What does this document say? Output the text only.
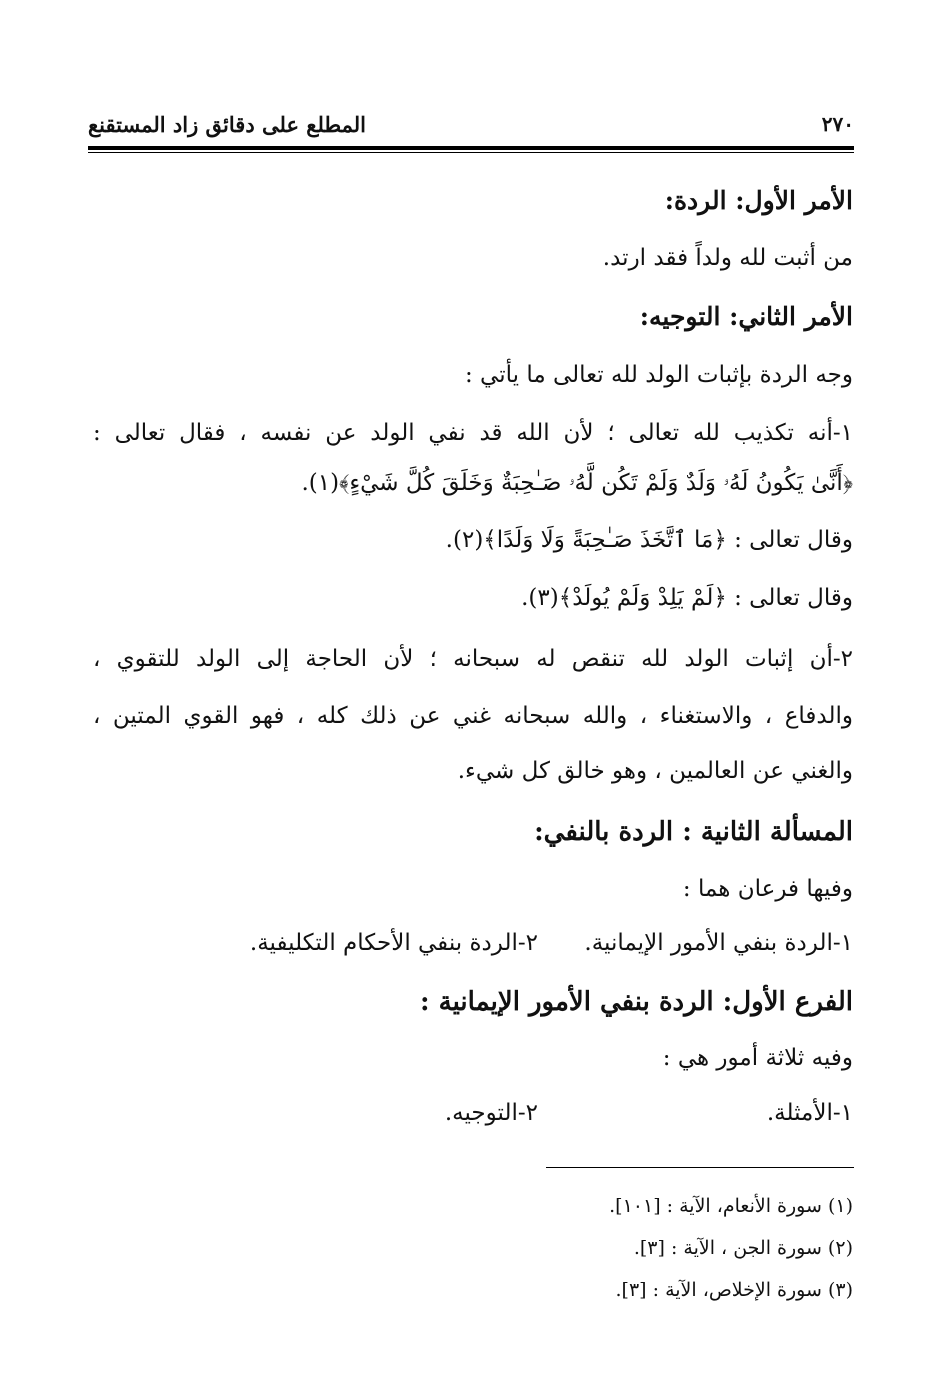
٢٧٠
المطلع على دقائق زاد المستقنع
الأمر الأول: الردة:
من أثبت لله ولداً فقد ارتد.
الأمر الثاني: التوجيه:
وجه الردة بإثبات الولد لله تعالى ما يأتي :
١-أنه تكذيب لله تعالى ؛ لأن الله قد نفي الولد عن نفسه ، فقال تعالى :
﴿أَنَّىٰ يَكُونُ لَهُۥ وَلَدٌ وَلَمْ تَكُن لَّهُۥ صَـٰحِبَةٌ وَخَلَقَ كُلَّ شَيْءٍ﴾(١).
وقال تعالى : ﴿مَا ٱتَّخَذَ صَـٰحِبَةً وَلَا وَلَدًا﴾(٢).
وقال تعالى : ﴿لَمْ يَلِدْ وَلَمْ يُولَدْ﴾(٣).
٢-أن إثبات الولد لله تنقص له سبحانه ؛ لأن الحاجة إلى الولد للتقوي ،
والدفاع ، والاستغناء ، والله سبحانه غني عن ذلك كله ، فهو القوي المتين ،
والغني عن العالمين ، وهو خالق كل شيء.
المسألة الثانية : الردة بالنفي:
وفيها فرعان هما :
١-الردة بنفي الأمور الإيمانية.
٢-الردة بنفي الأحكام التكليفية.
الفرع الأول: الردة بنفي الأمور الإيمانية :
وفيه ثلاثة أمور هي :
١-الأمثلة.
٢-التوجيه.
(١) سورة الأنعام، الآية : [١٠١].
(٢) سورة الجن ، الآية : [٣].
(٣) سورة الإخلاص، الآية : [٣].
